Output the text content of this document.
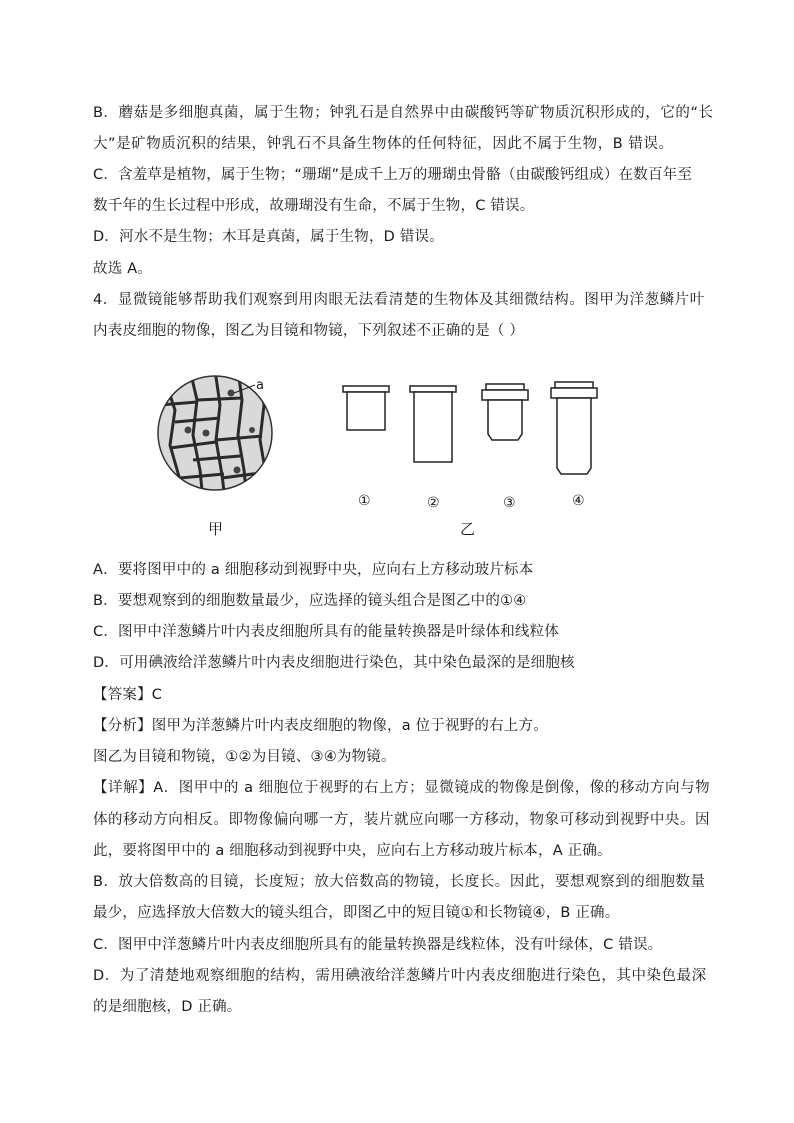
B．蘑菇是多细胞真菌，属于生物；钟乳石是自然界中由碳酸钙等矿物质沉积形成的，它的“长
大”是矿物质沉积的结果，钟乳石不具备生物体的任何特征，因此不属于生物，B 错误。
C．含羞草是植物，属于生物；“珊瑚”是成千上万的珊瑚虫骨骼（由碳酸钙组成）在数百年至
数千年的生长过程中形成，故珊瑚没有生命，不属于生物，C 错误。
D．河水不是生物；木耳是真菌，属于生物，D 错误。
故选 A。
4．显微镜能够帮助我们观察到用肉眼无法看清楚的生物体及其细微结构。图甲为洋葱鳞片叶
内表皮细胞的物像，图乙为目镜和物镜，下列叙述不正确的是（ ）
a
甲	乙
①	②	③	④
A．要将图甲中的 a 细胞移动到视野中央，应向右上方移动玻片标本
B．要想观察到的细胞数量最少，应选择的镜头组合是图乙中的①④
C．图甲中洋葱鳞片叶内表皮细胞所具有的能量转换器是叶绿体和线粒体
D．可用碘液给洋葱鳞片叶内表皮细胞进行染色，其中染色最深的是细胞核
【答案】C
【分析】图甲为洋葱鳞片叶内表皮细胞的物像，a 位于视野的右上方。
图乙为目镜和物镜，①②为目镜、③④为物镜。
【详解】A．图甲中的 a 细胞位于视野的右上方；显微镜成的物像是倒像，像的移动方向与物
体的移动方向相反。即物像偏向哪一方，装片就应向哪一方移动，物象可移动到视野中央。因
此，要将图甲中的 a 细胞移动到视野中央，应向右上方移动玻片标本，A 正确。
B．放大倍数高的目镜，长度短；放大倍数高的物镜，长度长。因此，要想观察到的细胞数量
最少，应选择放大倍数大的镜头组合，即图乙中的短目镜①和长物镜④，B 正确。
C．图甲中洋葱鳞片叶内表皮细胞所具有的能量转换器是线粒体，没有叶绿体，C 错误。
D．为了清楚地观察细胞的结构，需用碘液给洋葱鳞片叶内表皮细胞进行染色，其中染色最深
的是细胞核，D 正确。
